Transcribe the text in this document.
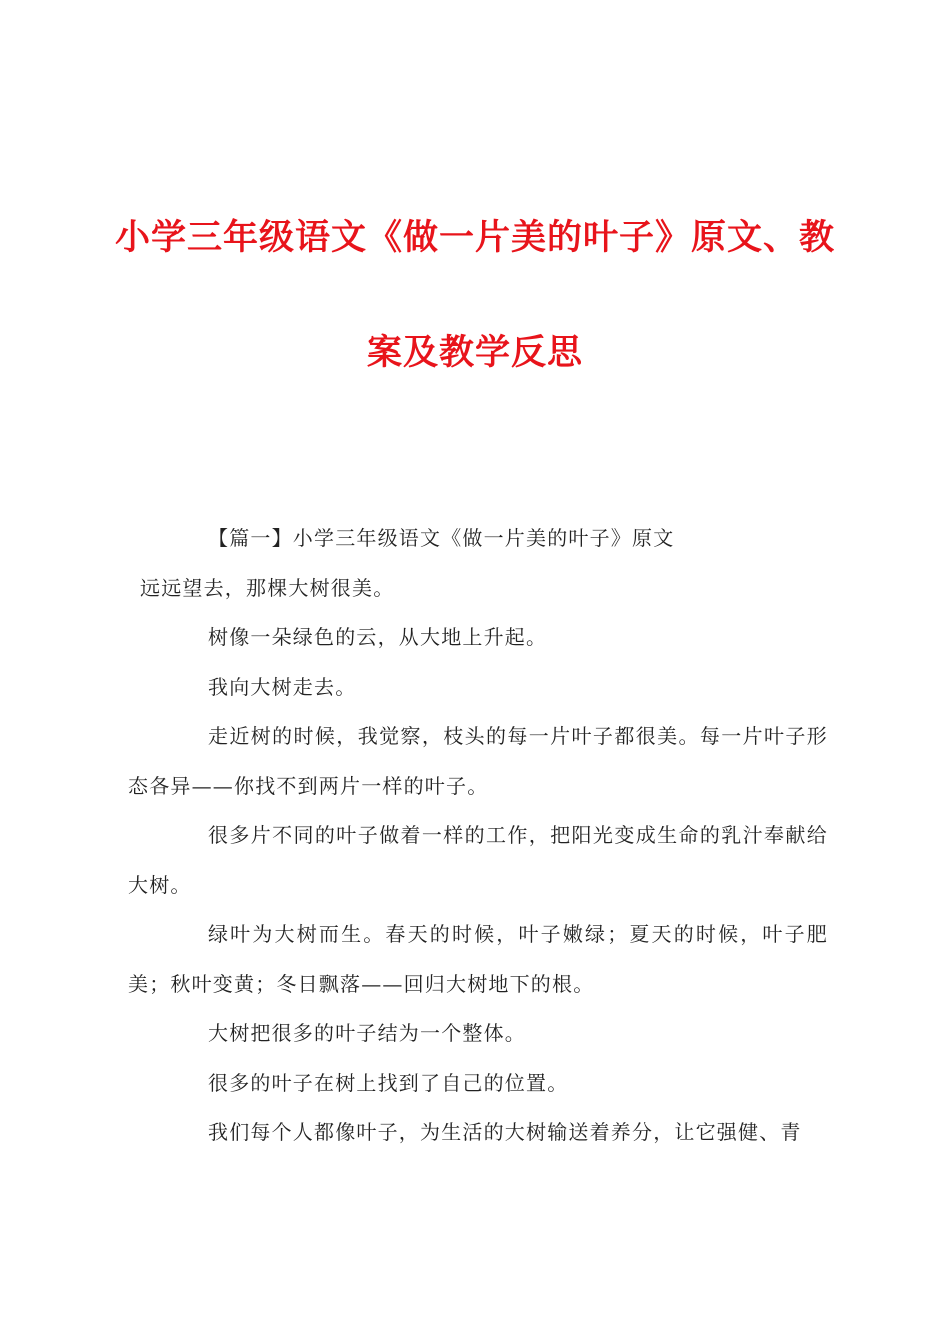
小学三年级语文《做一片美的叶子》原文、教
案及教学反思

【篇一】小学三年级语文《做一片美的叶子》原文

远远望去，那棵大树很美。

树像一朵绿色的云，从大地上升起。

我向大树走去。

走近树的时候，我觉察，枝头的每一片叶子都很美。每一片叶子形态各异——你找不到两片一样的叶子。

很多片不同的叶子做着一样的工作，把阳光变成生命的乳汁奉献给大树。

绿叶为大树而生。春天的时候，叶子嫩绿；夏天的时候，叶子肥美；秋叶变黄；冬日飘落——回归大树地下的根。

大树把很多的叶子结为一个整体。

很多的叶子在树上找到了自己的位置。

我们每个人都像叶子，为生活的大树输送着养分，让它强健、青
